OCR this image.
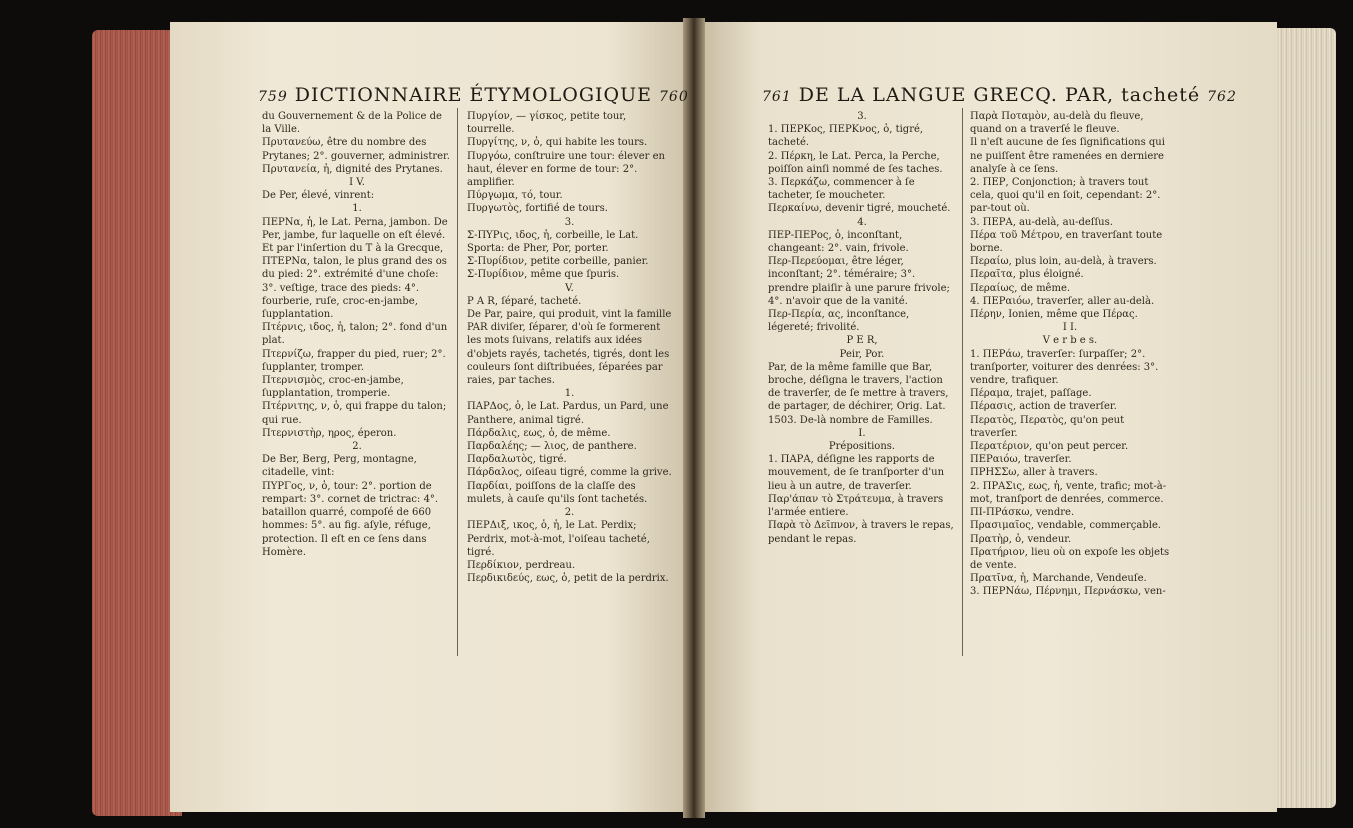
759 DICTIONNAIRE ÉTYMOLOGIQUE 760	761 DE LA LANGUE GRECQ. PAR, tacheté 762

du Gouvernement & de la Police de la Ville.

Πρυτανεύω, être du nombre des Prytanes; 2°. gouverner, administrer.

Πρυτανεία, ἡ, dignité des Prytanes.

I V.

De Per, élevé, vinrent:

1.

ΠΕΡΝα, ἡ, le Lat. Perna, jambon. De Per, jambe, fur laquelle on eſt élevé.

Et par l'inſertion du T à la Grecque,

ΠΤΕΡΝα, talon, le plus grand des os du pied: 2°. extrémité d'une choſe: 3°. veſtige, trace des pieds: 4°. fourberie, ruſe, croc-en-jambe, ſupplantation.

Πτέρνις, ιδος, ἡ, talon; 2°. fond d'un plat.

Πτερνίζω, frapper du pied, ruer; 2°. ſupplanter, tromper.

Πτερνισμὸς, croc-en-jambe, ſupplantation, tromperie.

Πτέρνιτης, ν, ὁ, qui frappe du talon; qui rue.

Πτερνιστὴρ, ηρος, éperon.

2.

De Ber, Berg, Perg, montagne, citadelle, vint:

ΠΥΡΓος, ν, ὁ, tour: 2°. portion de rempart: 3°. cornet de trictrac: 4°. bataillon quarré, compoſé de 660 hommes: 5°. au fig. aſyle, réfuge, protection. Il eſt en ce ſens dans Homère.

Πυργίον, — γίσκος, petite tour, tourrelle.

Πυργίτης, ν, ὁ, qui habite les tours.

Πυργόω, conſtruire une tour: élever en haut, élever en forme de tour: 2°. amplifier.

Πύργωμα, τό, tour.

Πυργωτὸς, fortifié de tours.

3.

Σ-ΠΥΡις, ιδος, ἡ, corbeille, le Lat. Sporta: de Pher, Por, porter.

Σ-Πυρίδιον, petite corbeille, panier.

Σ-Πυρίδιον, même que ſpuris.

V.

P A R, ſéparé, tacheté.

De Par, paire, qui produit, vint la famille PAR diviſer, ſéparer, d'où ſe formerent les mots ſuivans, relatifs aux idées d'objets rayés, tachetés, tigrés, dont les couleurs ſont diſtribuées, ſéparées par raies, par taches.

1.

ΠΑΡΔος, ὁ, le Lat. Pardus, un Pard, une Panthere, animal tigré.

Πάρδαλις, εως, ὁ, de même.

Παρδαλέης; — λιος, de panthere.

Παρδαλωτὸς, tigré.

Πάρδαλος, oiſeau tigré, comme la grive.

Παρδίαι, poiſſons de la claſſe des mulets, à cauſe qu'ils ſont tachetés.

2.

ΠΕΡΔιξ, ικος, ὁ, ἡ, le Lat. Perdix; Perdrix, mot-à-mot, l'oiſeau tacheté, tigré.

Περδίκιον, perdreau.

Περδικιδεύς, εως, ὁ, petit de la perdrix.

3.

1. ΠΕΡΚος, ΠΕΡΚνος, ὁ, tigré, tacheté.

2. Πέρκη, le Lat. Perca, la Perche, poiſſon ainſi nommé de ſes taches.

3. Περκάζω, commencer à ſe tacheter, ſe moucheter.

Περκαίνω, devenir tigré, moucheté.

4.

ΠΕΡ-ΠΕΡος, ὁ, inconſtant, changeant: 2°. vain, frivole.

Περ-Περεύομαι, être léger, inconſtant; 2°. téméraire; 3°. prendre plaiſir à une parure frivole; 4°. n'avoir que de la vanité.

Περ-Περία, ας, inconſtance, légereté; frivolité.

P E R,

Peir, Por.

Par, de la même famille que Bar, broche, déſigna le travers, l'action de traverſer, de ſe mettre à travers, de partager, de déchirer, Orig. Lat. 1503. De-là nombre de Familles.

I.

Prépositions.

1. ΠΑΡΑ, déſigne les rapports de mouvement, de ſe tranſporter d'un lieu à un autre, de traverſer.

Παρ'άπαν τὸ Στράτευμα, à travers l'armée entiere.

Παρὰ τὸ Δεῖπνον, à travers le repas, pendant le repas.

Παρὰ Ποταμὸν, au-delà du fleuve, quand on a traverſé le fleuve.

Il n'eſt aucune de ſes ſignifications qui ne puiſſent être ramenées en derniere analyſe à ce ſens.

2. ΠΕΡ, Conjonction; à travers tout cela, quoi qu'il en ſoit, cependant: 2°. par-tout où.

3. ΠΕΡΑ, au-delà, au-deſſus.

Πέρα τοῦ Μέτρου, en traverſant toute borne.

Περαίω, plus loin, au-delà, à travers.

Περαῖτα, plus éloigné.

Περαίως, de même.

4. ΠΕΡαιόω, traverſer, aller au-delà.

Πέρην, Ionien, même que Πέρας.

I I.

V e r b e s.

1. ΠΕΡάω, traverſer: ſurpaſſer; 2°. tranſporter, voiturer des denrées: 3°. vendre, trafiquer.

Πέραμα, trajet, paſſage.

Πέρασις, action de traverſer.

Περατὸς, Περατὸς, qu'on peut traverſer.

Περατέριον, qu'on peut percer.

ΠΕΡαιόω, traverſer.

ΠΡΗΣΣω, aller à travers.

2. ΠΡΑΣις, εως, ἡ, vente, trafic; mot-à-mot, tranſport de denrées, commerce.

ΠΙ-ΠΡάσκω, vendre.

Πρασιμαῖος, vendable, commerçable.

Πρατὴρ, ὁ, vendeur.

Πρατήριον, lieu où on expoſe les objets de vente.

Πρατῖνα, ἡ, Marchande, Vendeuſe.

3. ΠΕΡΝάω, Πέρνημι, Περνάσκω, ven-
